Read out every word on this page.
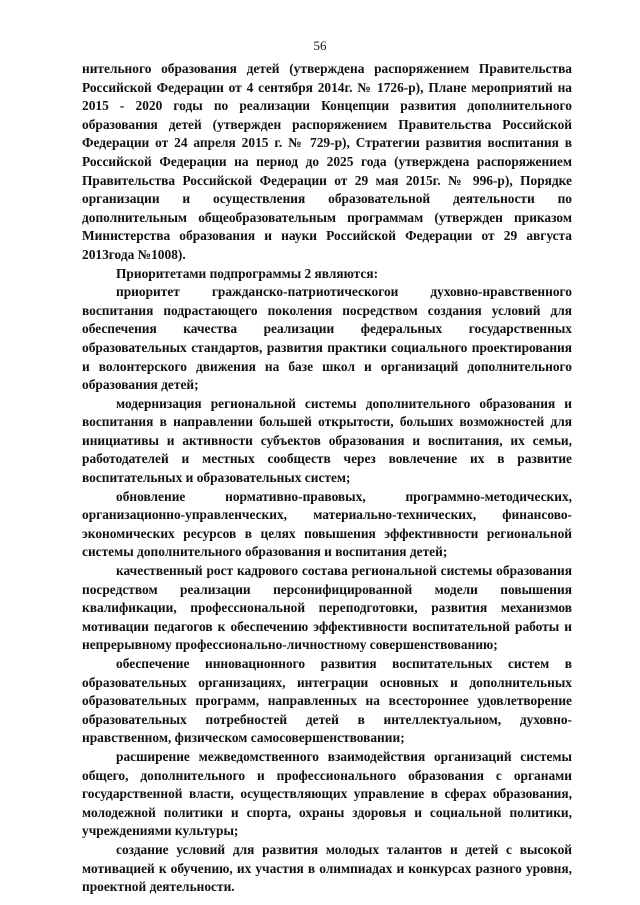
56

нительного образования детей (утверждена распоряжением Правительства Российской Федерации от 4 сентября 2014г. № 1726-р), Плане мероприятий на 2015 - 2020 годы по реализации Концепции развития дополнительного образования детей (утвержден распоряжением Правительства Российской Федерации от 24 апреля 2015 г. № 729-р), Стратегии развития воспитания в Российской Федерации на период до 2025 года (утверждена распоряжением Правительства Российской Федерации от 29 мая 2015г. № 996-р), Порядке организации и осуществления образовательной деятельности по дополнительным общеобразовательным программам (утвержден приказом Министерства образования и науки Российской Федерации от 29 августа 2013года №1008).

Приоритетами подпрограммы 2 являются:

приоритет гражданско-патриотическогои духовно-нравственного воспитания подрастающего поколения посредством создания условий для обеспечения качества реализации федеральных государственных образовательных стандартов, развития практики социального проектирования и волонтерского движения на базе школ и организаций дополнительного образования детей;

модернизация региональной системы дополнительного образования и воспитания в направлении большей открытости, больших возможностей для инициативы и активности субъектов образования и воспитания, их семьи, работодателей и местных сообществ через вовлечение их в развитие воспитательных и образовательных систем;

обновление нормативно-правовых, программно-методических, организационно-управленческих, материально-технических, финансово-экономических ресурсов в целях повышения эффективности региональной системы дополнительного образования и воспитания детей;

качественный рост кадрового состава региональной системы образования посредством реализации персонифицированной модели повышения квалификации, профессиональной переподготовки, развития механизмов мотивации педагогов к обеспечению эффективности воспитательной работы и непрерывному профессионально-личностному совершенствованию;

обеспечение инновационного развития воспитательных систем в образовательных организациях, интеграции основных и дополнительных образовательных программ, направленных на всестороннее удовлетворение образовательных потребностей детей в интеллектуальном, духовно-нравственном, физическом самосовершенствовании;

расширение межведомственного взаимодействия организаций системы общего, дополнительного и профессионального образования с органами государственной власти, осуществляющих управление в сферах образования, молодежной политики и спорта, охраны здоровья и социальной политики, учреждениями культуры;

создание условий для развития молодых талантов и детей с высокой мотивацией к обучению, их участия в олимпиадах и конкурсах разного уровня, проектной деятельности.
